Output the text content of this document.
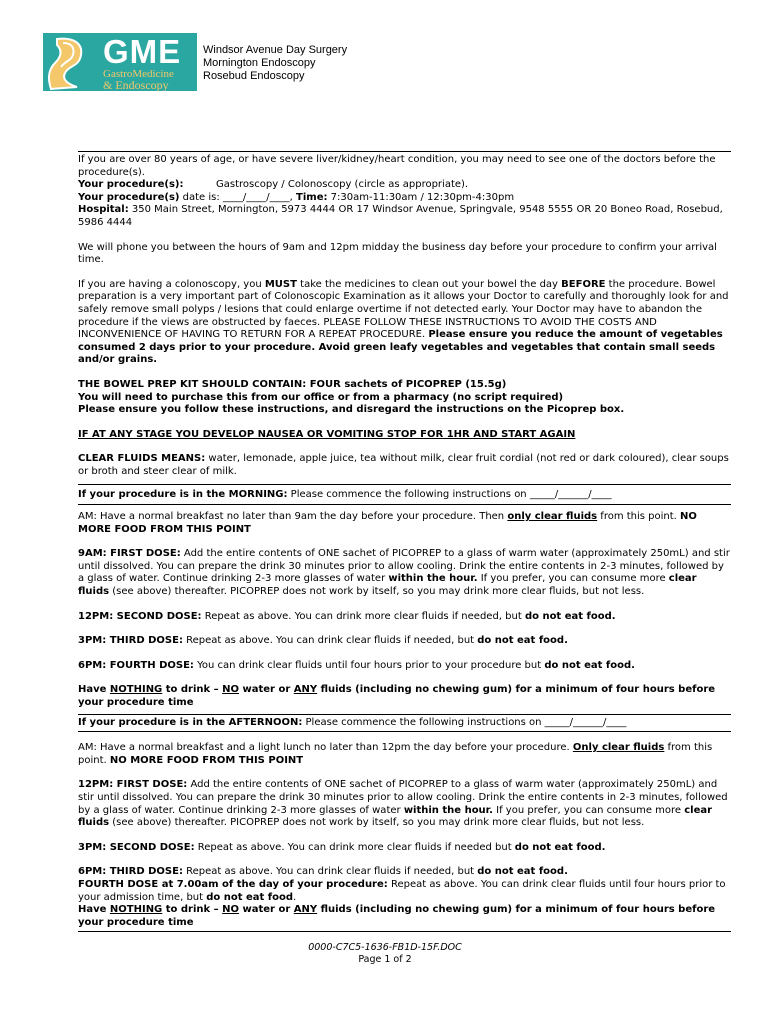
GME
GastroMedicine
& Endoscopy
Windsor Avenue Day Surgery
Mornington Endoscopy
Rosebud Endoscopy

If you are over 80 years of age, or have severe liver/kidney/heart condition, you may need to see one of the doctors before the procedure(s).

Your procedure(s):	Gastroscopy / Colonoscopy (circle as appropriate).

Your procedure(s) date is: ____/____/____, Time: 7:30am-11:30am / 12:30pm-4:30pm

Hospital: 350 Main Street, Mornington, 5973 4444 OR 17 Windsor Avenue, Springvale, 9548 5555 OR 20 Boneo Road, Rosebud, 5986 4444

We will phone you between the hours of 9am and 12pm midday the business day before your procedure to confirm your arrival time.

If you are having a colonoscopy, you MUST take the medicines to clean out your bowel the day BEFORE the procedure. Bowel preparation is a very important part of Colonoscopic Examination as it allows your Doctor to carefully and thoroughly look for and safely remove small polyps / lesions that could enlarge overtime if not detected early. Your Doctor may have to abandon the procedure if the views are obstructed by faeces. PLEASE FOLLOW THESE INSTRUCTIONS TO AVOID THE COSTS AND INCONVENIENCE OF HAVING TO RETURN FOR A REPEAT PROCEDURE. Please ensure you reduce the amount of vegetables consumed 2 days prior to your procedure. Avoid green leafy vegetables and vegetables that contain small seeds and/or grains.

THE BOWEL PREP KIT SHOULD CONTAIN: FOUR sachets of PICOPREP (15.5g)

You will need to purchase this from our office or from a pharmacy (no script required)

Please ensure you follow these instructions, and disregard the instructions on the Picoprep box.

IF AT ANY STAGE YOU DEVELOP NAUSEA OR VOMITING STOP FOR 1HR AND START AGAIN

CLEAR FLUIDS MEANS: water, lemonade, apple juice, tea without milk, clear fruit cordial (not red or dark coloured), clear soups or broth and steer clear of milk.

If your procedure is in the MORNING: Please commence the following instructions on _____/______/____

AM: Have a normal breakfast no later than 9am the day before your procedure. Then only clear fluids from this point. NO MORE FOOD FROM THIS POINT

9AM: FIRST DOSE: Add the entire contents of ONE sachet of PICOPREP to a glass of warm water (approximately 250mL) and stir until dissolved. You can prepare the drink 30 minutes prior to allow cooling. Drink the entire contents in 2-3 minutes, followed by a glass of water. Continue drinking 2-3 more glasses of water within the hour. If you prefer, you can consume more clear fluids (see above) thereafter. PICOPREP does not work by itself, so you may drink more clear fluids, but not less.

12PM: SECOND DOSE: Repeat as above. You can drink more clear fluids if needed, but do not eat food.

3PM: THIRD DOSE: Repeat as above. You can drink clear fluids if needed, but do not eat food.

6PM: FOURTH DOSE: You can drink clear fluids until four hours prior to your procedure but do not eat food.

Have NOTHING to drink – NO water or ANY fluids (including no chewing gum) for a minimum of four hours before your procedure time

If your procedure is in the AFTERNOON: Please commence the following instructions on _____/______/____

AM: Have a normal breakfast and a light lunch no later than 12pm the day before your procedure. Only clear fluids from this point. NO MORE FOOD FROM THIS POINT

12PM: FIRST DOSE: Add the entire contents of ONE sachet of PICOPREP to a glass of warm water (approximately 250mL) and stir until dissolved. You can prepare the drink 30 minutes prior to allow cooling. Drink the entire contents in 2-3 minutes, followed by a glass of water. Continue drinking 2-3 more glasses of water within the hour. If you prefer, you can consume more clear fluids (see above) thereafter. PICOPREP does not work by itself, so you may drink more clear fluids, but not less.

3PM: SECOND DOSE: Repeat as above. You can drink more clear fluids if needed but do not eat food.

6PM: THIRD DOSE: Repeat as above. You can drink clear fluids if needed, but do not eat food.

FOURTH DOSE at 7.00am of the day of your procedure: Repeat as above. You can drink clear fluids until four hours prior to your admission time, but do not eat food.

Have NOTHING to drink – NO water or ANY fluids (including no chewing gum) for a minimum of four hours before your procedure time

0000-C7C5-1636-FB1D-15F.DOC
Page 1 of 2
